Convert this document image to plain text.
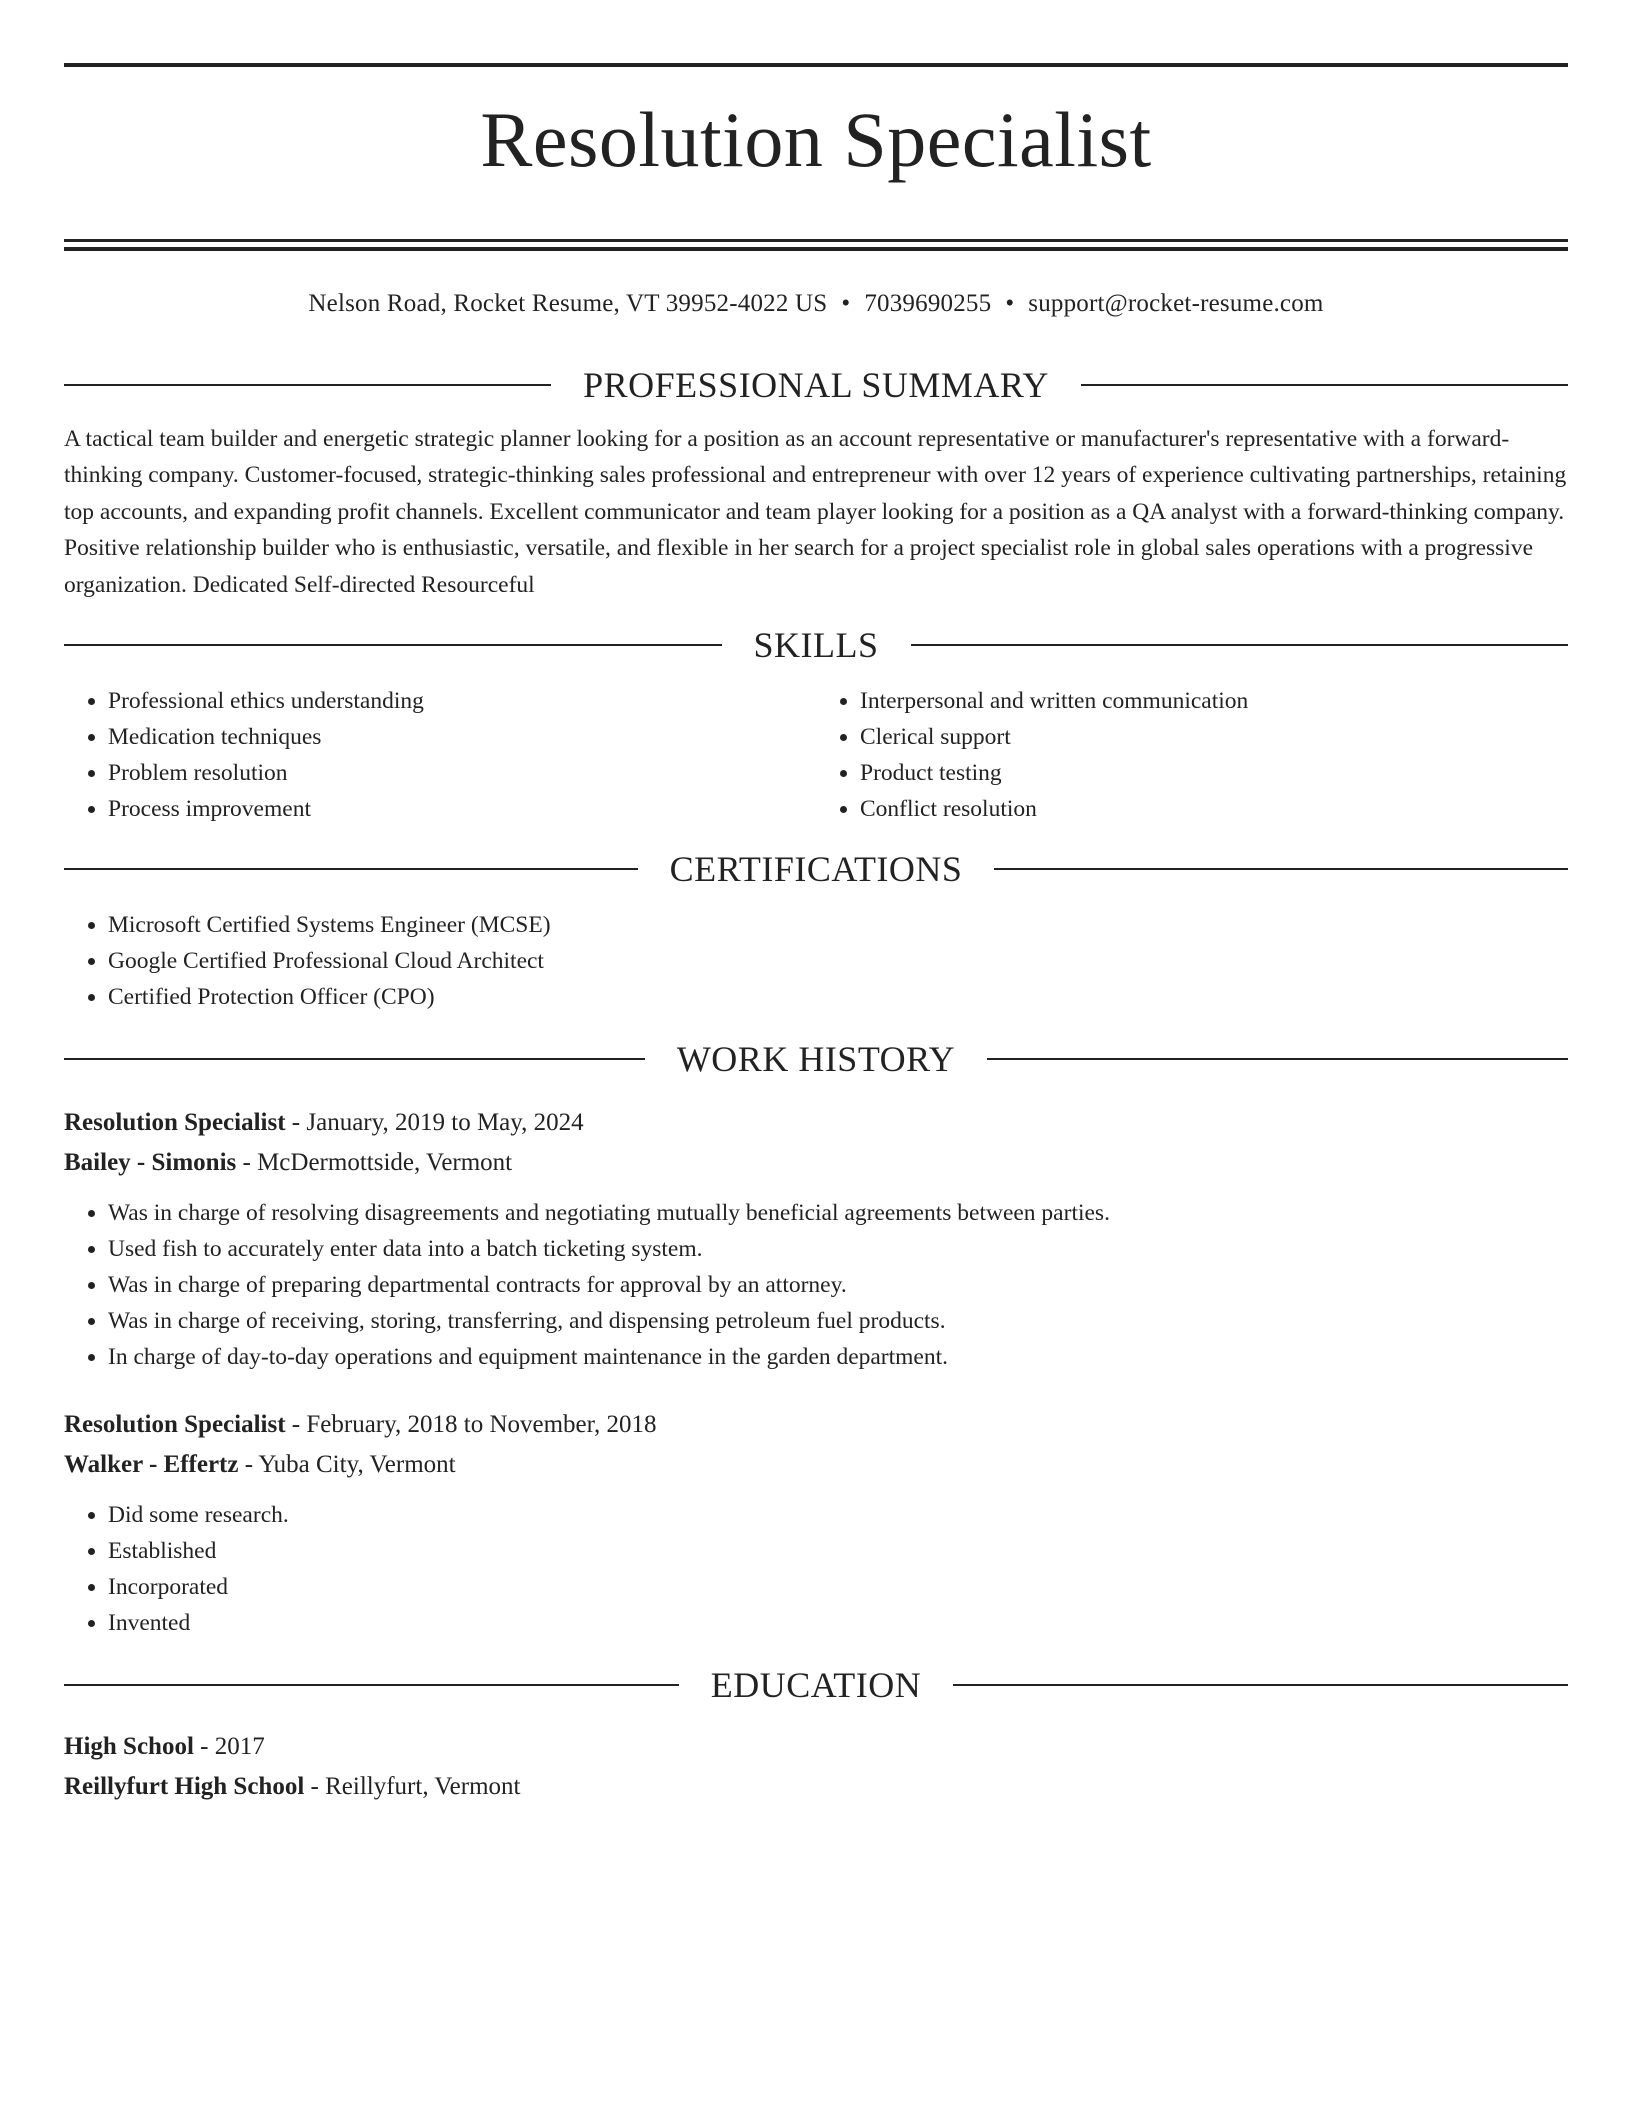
Resolution Specialist
Nelson Road, Rocket Resume, VT 39952-4022 US • 7039690255 • support@rocket-resume.com
PROFESSIONAL SUMMARY

A tactical team builder and energetic strategic planner looking for a position as an account representative or manufacturer's representative with a forward-thinking company. Customer-focused, strategic-thinking sales professional and entrepreneur with over 12 years of experience cultivating partnerships, retaining top accounts, and expanding profit channels. Excellent communicator and team player looking for a position as a QA analyst with a forward-thinking company. Positive relationship builder who is enthusiastic, versatile, and flexible in her search for a project specialist role in global sales operations with a progressive organization. Dedicated Self-directed Resourceful

SKILLS
• Professional ethics understanding
• Medication techniques
• Problem resolution
• Process improvement
• Interpersonal and written communication
• Clerical support
• Product testing
• Conflict resolution
CERTIFICATIONS
• Microsoft Certified Systems Engineer (MCSE)
• Google Certified Professional Cloud Architect
• Certified Protection Officer (CPO)
WORK HISTORY

Resolution Specialist - January, 2019 to May, 2024

Bailey - Simonis - McDermottside, Vermont

• Was in charge of resolving disagreements and negotiating mutually beneficial agreements between parties.
• Used fish to accurately enter data into a batch ticketing system.
• Was in charge of preparing departmental contracts for approval by an attorney.
• Was in charge of receiving, storing, transferring, and dispensing petroleum fuel products.
• In charge of day-to-day operations and equipment maintenance in the garden department.

Resolution Specialist - February, 2018 to November, 2018

Walker - Effertz - Yuba City, Vermont

• Did some research.
• Established
• Incorporated
• Invented
EDUCATION

High School - 2017

Reillyfurt High School - Reillyfurt, Vermont
